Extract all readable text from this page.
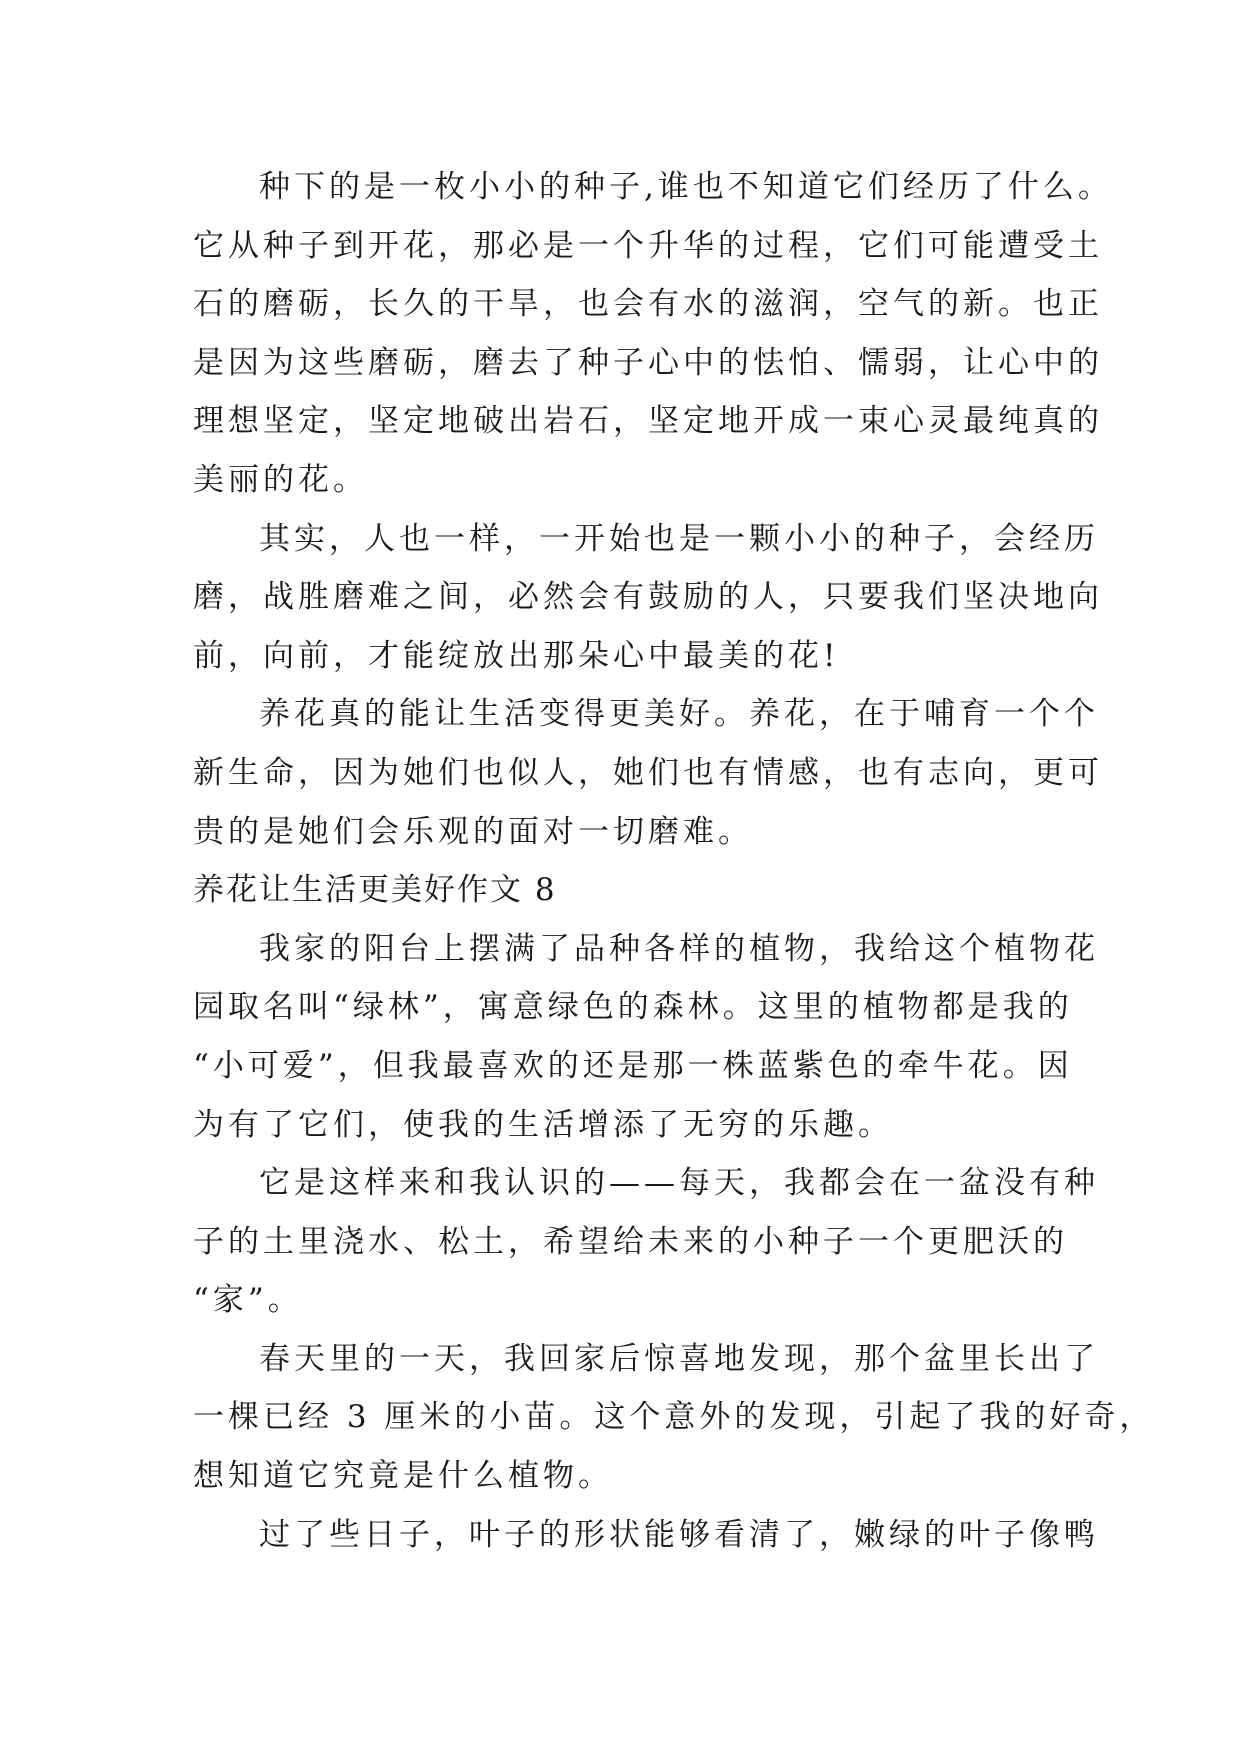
种下的是一枚小小的种子,谁也不知道它们经历了什么。
它从种子到开花，那必是一个升华的过程，它们可能遭受土
石的磨砺，长久的干旱，也会有水的滋润，空气的新。也正
是因为这些磨砺，磨去了种子心中的怯怕、懦弱，让心中的
理想坚定，坚定地破出岩石，坚定地开成一束心灵最纯真的
美丽的花。
其实，人也一样，一开始也是一颗小小的种子，会经历
磨，战胜磨难之间，必然会有鼓励的人，只要我们坚决地向
前，向前，才能绽放出那朵心中最美的花!
养花真的能让生活变得更美好。养花，在于哺育一个个
新生命，因为她们也似人，她们也有情感，也有志向，更可
贵的是她们会乐观的面对一切磨难。
养花让生活更美好作文 8
我家的阳台上摆满了品种各样的植物，我给这个植物花
园取名叫“绿林”，寓意绿色的森林。这里的植物都是我的
“小可爱”，但我最喜欢的还是那一株蓝紫色的牵牛花。因
为有了它们，使我的生活增添了无穷的乐趣。
它是这样来和我认识的——每天，我都会在一盆没有种
子的土里浇水、松土，希望给未来的小种子一个更肥沃的
“家”。
春天里的一天，我回家后惊喜地发现，那个盆里长出了
一棵已经 3 厘米的小苗。这个意外的发现，引起了我的好奇，
想知道它究竟是什么植物。
过了些日子，叶子的形状能够看清了，嫩绿的叶子像鸭
